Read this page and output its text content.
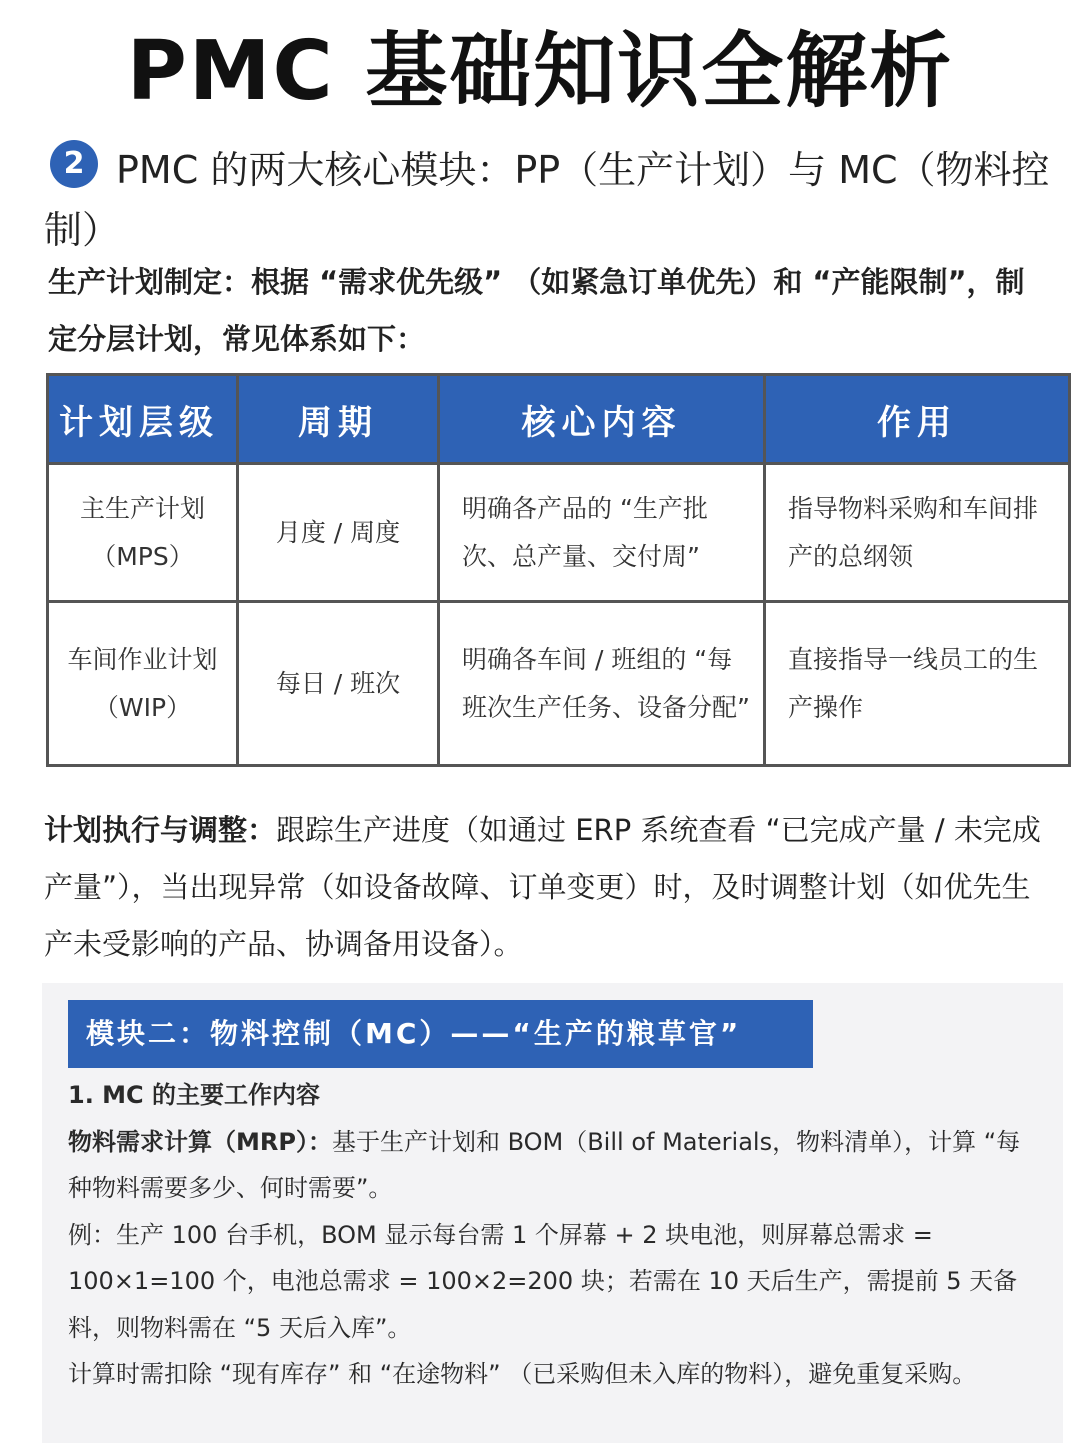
PMC 基础知识全解析
PMC 的两大核心模块：PP（生产计划）与 MC（物料控制）
2
生产计划制定：根据 “需求优先级” （如紧急订单优先）和 “产能限制”，制定分层计划，常见体系如下：
计划层级	周期	核心内容	作用

主生产计划
（MPS）	月度 / 周度	明确各产品的 “生产批次、总产量、交付周”	指导物料采购和车间排产的总纲领

车间作业计划
（WIP）	每日 / 班次	明确各车间 / 班组的 “每班次生产任务、设备分配”	直接指导一线员工的生产操作
计划执行与调整：跟踪生产进度（如通过 ERP 系统查看 “已完成产量 / 未完成产量”），当出现异常（如设备故障、订单变更）时，及时调整计划（如优先生产未受影响的产品、协调备用设备）。
模块二：物料控制（MC）——“生产的粮草官”

1. MC 的主要工作内容

物料需求计算（MRP）：基于生产计划和 BOM（Bill of Materials，物料清单），计算 “每种物料需要多少、何时需要”。

例：生产 100 台手机，BOM 显示每台需 1 个屏幕 + 2 块电池，则屏幕总需求 = 100×1=100 个，电池总需求 = 100×2=200 块；若需在 10 天后生产，需提前 5 天备料，则物料需在 “5 天后入库”。

计算时需扣除 “现有库存” 和 “在途物料” （已采购但未入库的物料），避免重复采购。
